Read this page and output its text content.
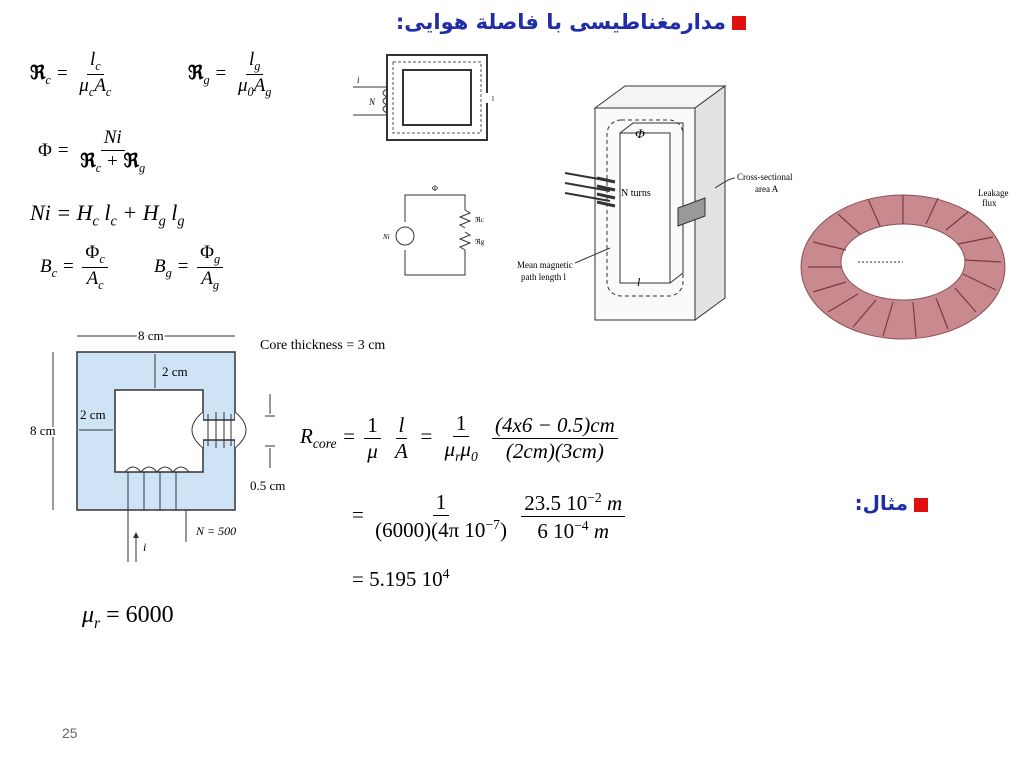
مدارمغناطیسی با فاصلة هوايی:
مثال:
ℜ$_c$ = $\frac{l_c}{\mu_cA_c}$	ℜ$_g$ = $\frac{l_g}{\mu_0A_g}$
$\Phi = \frac{Ni}{ℜ_c + ℜ_g}$
$Ni = H_c$ $l_c + H_g$ $l_g$
$B_c = \frac{\Phi_c}{A_c} B_g = \frac{\Phi_g}{A_g}$
i
N	l
Φ
Ni
ℜc
ℜg
Φ
N turns
Cross-sectional
area A
Mean magnetic
path length l	l
Leakage
flux
8 cm
8 cm
2 cm
2 cm
0.5 cm
N = 500
i
Core thickness = 3 cm
$R_{core} = \frac{1}{\mu}$
$\frac{l}{A} = \frac{1}{\mu_r\mu_0}$
$\frac{(4x6 - 0.5)cm}{(2cm)(3cm)}$
= $\frac{1}{(6000)(4\pi 10^{-7})}$
$\frac{23.5 10^{-2} m}{6 10^{-4} m}$
= 5.195 $10^4$
$\mu_r = 6000$
25
